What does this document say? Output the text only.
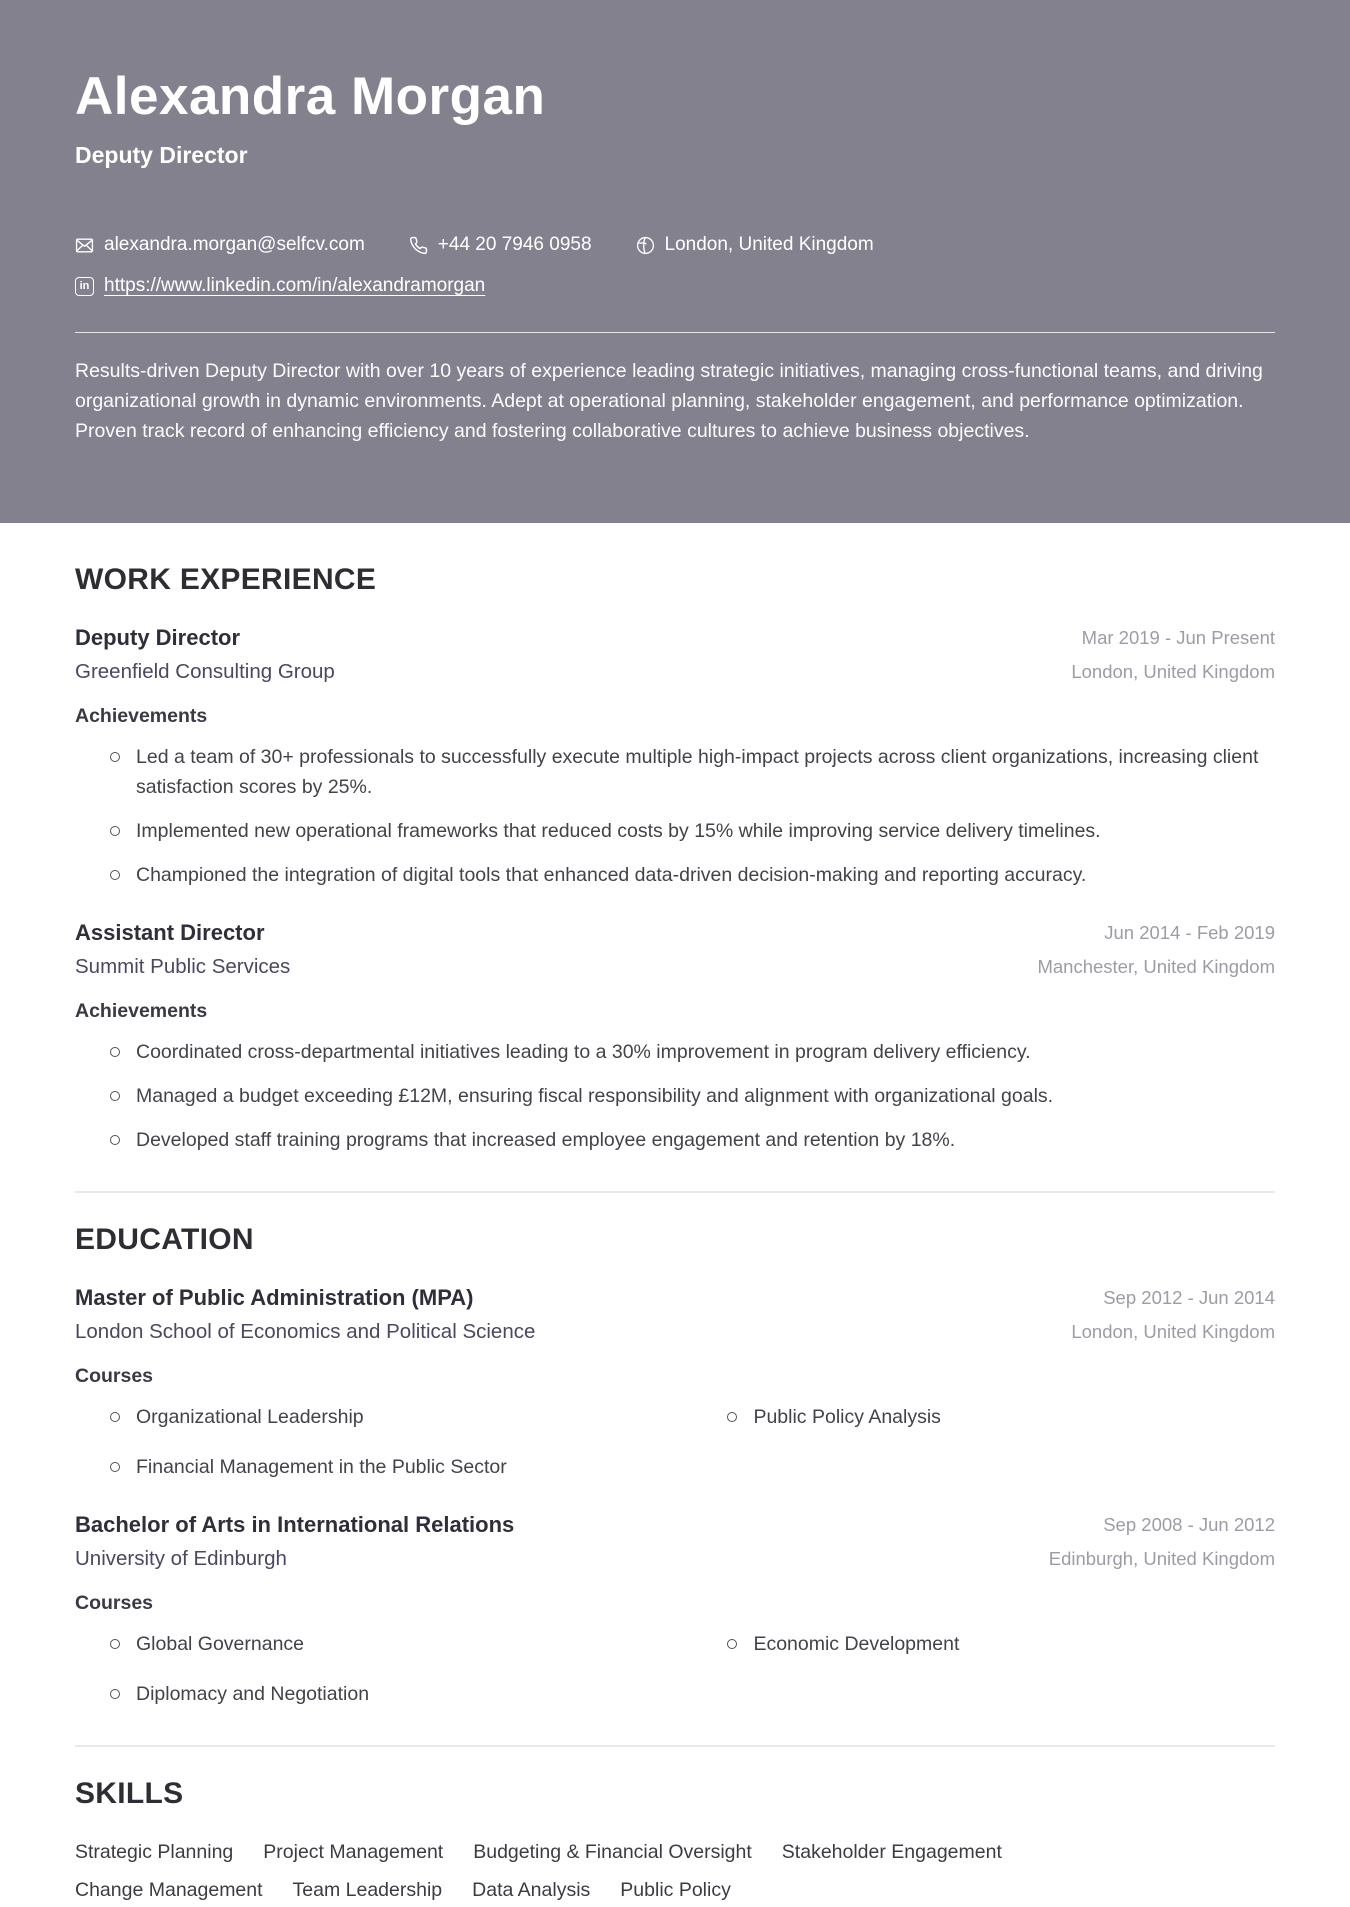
Alexandra Morgan
Deputy Director
alexandra.morgan@selfcv.com	+44 20 7946 0958	London, United Kingdom
in https://www.linkedin.com/in/alexandramorgan

Results-driven Deputy Director with over 10 years of experience leading strategic initiatives, managing cross-functional teams, and driving organizational growth in dynamic environments. Adept at operational planning, stakeholder engagement, and performance optimization. Proven track record of enhancing efficiency and fostering collaborative cultures to achieve business objectives.

WORK EXPERIENCE
Deputy Director
Greenfield Consulting Group
Mar 2019 - Jun Present
London, United Kingdom
Achievements
Led a team of 30+ professionals to successfully execute multiple high-impact projects across client organizations, increasing client satisfaction scores by 25%.
Implemented new operational frameworks that reduced costs by 15% while improving service delivery timelines.
Championed the integration of digital tools that enhanced data-driven decision-making and reporting accuracy.
Assistant Director
Summit Public Services
Jun 2014 - Feb 2019
Manchester, United Kingdom
Achievements
Coordinated cross-departmental initiatives leading to a 30% improvement in program delivery efficiency.
Managed a budget exceeding £12M, ensuring fiscal responsibility and alignment with organizational goals.
Developed staff training programs that increased employee engagement and retention by 18%.
EDUCATION
Master of Public Administration (MPA)
London School of Economics and Political Science
Sep 2012 - Jun 2014
London, United Kingdom
Courses
Organizational Leadership	Public Policy Analysis
Financial Management in the Public Sector
Bachelor of Arts in International Relations
University of Edinburgh
Sep 2008 - Jun 2012
Edinburgh, United Kingdom
Courses
Global Governance	Economic Development
Diplomacy and Negotiation
SKILLS
Strategic Planning Project Management Budgeting & Financial Oversight Stakeholder Engagement
Change Management Team Leadership Data Analysis Public Policy
